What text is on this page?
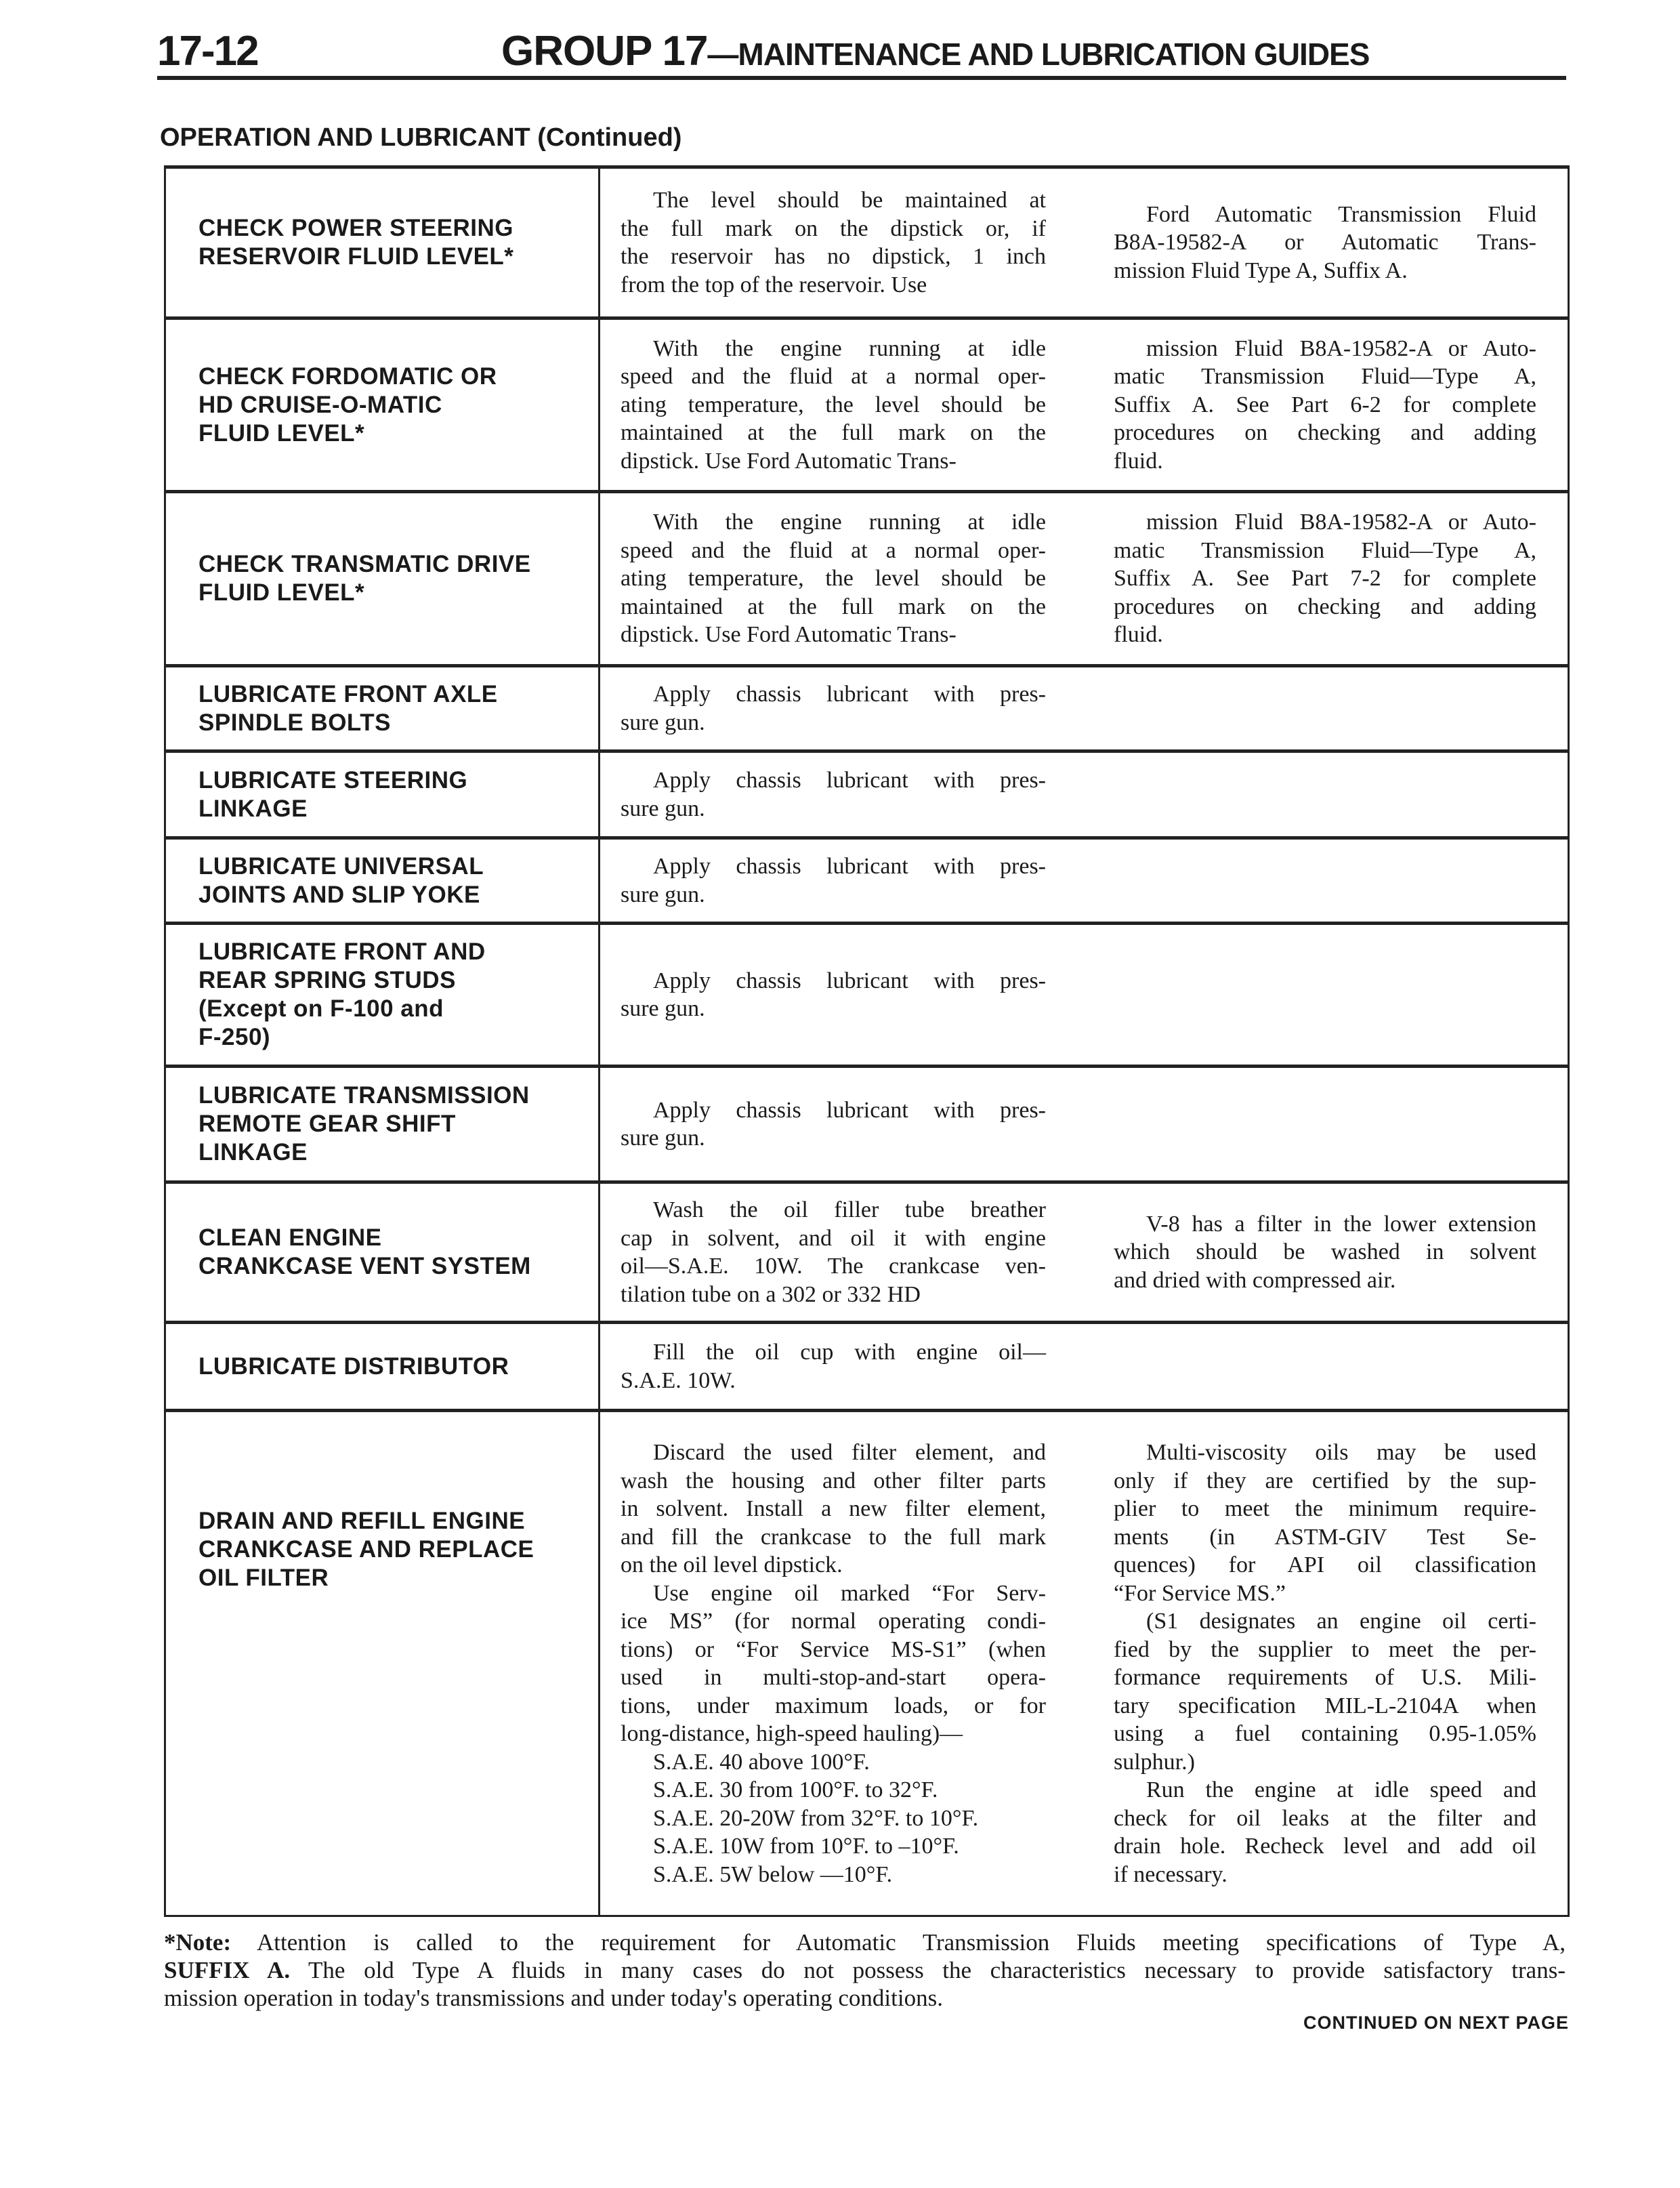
17-12	GROUP 17—MAINTENANCE AND LUBRICATION GUIDES
OPERATION AND LUBRICANT (Continued)
CHECK POWER STEERING
RESERVOIR FLUID LEVEL*
The level should be maintained at
the full mark on the dipstick or, if
the reservoir has no dipstick, 1 inch
from the top of the reservoir. Use
Ford Automatic Transmission Fluid
B8A-19582-A or Automatic Trans-
mission Fluid Type A, Suffix A.
CHECK FORDOMATIC OR
HD CRUISE-O-MATIC
FLUID LEVEL*
With the engine running at idle
speed and the fluid at a normal oper-
ating temperature, the level should be
maintained at the full mark on the
dipstick. Use Ford Automatic Trans-
mission Fluid B8A-19582-A or Auto-
matic Transmission Fluid—Type A,
Suffix A. See Part 6-2 for complete
procedures on checking and adding
fluid.
CHECK TRANSMATIC DRIVE
FLUID LEVEL*
With the engine running at idle
speed and the fluid at a normal oper-
ating temperature, the level should be
maintained at the full mark on the
dipstick. Use Ford Automatic Trans-
mission Fluid B8A-19582-A or Auto-
matic Transmission Fluid—Type A,
Suffix A. See Part 7-2 for complete
procedures on checking and adding
fluid.
LUBRICATE FRONT AXLE
SPINDLE BOLTS
Apply chassis lubricant with pres-
sure gun.
LUBRICATE STEERING
LINKAGE
Apply chassis lubricant with pres-
sure gun.
LUBRICATE UNIVERSAL
JOINTS AND SLIP YOKE
Apply chassis lubricant with pres-
sure gun.
LUBRICATE FRONT AND
REAR SPRING STUDS
(Except on F-100 and
F-250)
Apply chassis lubricant with pres-
sure gun.
LUBRICATE TRANSMISSION
REMOTE GEAR SHIFT
LINKAGE
Apply chassis lubricant with pres-
sure gun.
CLEAN ENGINE
CRANKCASE VENT SYSTEM
Wash the oil filler tube breather
cap in solvent, and oil it with engine
oil—S.A.E. 10W. The crankcase ven-
tilation tube on a 302 or 332 HD
V-8 has a filter in the lower extension
which should be washed in solvent
and dried with compressed air.
LUBRICATE DISTRIBUTOR
Fill the oil cup with engine oil—
S.A.E. 10W.
DRAIN AND REFILL ENGINE
CRANKCASE AND REPLACE
OIL FILTER
Discard the used filter element, and
wash the housing and other filter parts
in solvent. Install a new filter element,
and fill the crankcase to the full mark
on the oil level dipstick.
Use engine oil marked “For Serv-
ice MS” (for normal operating condi-
tions) or “For Service MS-S1” (when
used in multi-stop-and-start opera-
tions, under maximum loads, or for
long-distance, high-speed hauling)—
S.A.E. 40 above 100°F.
S.A.E. 30 from 100°F. to 32°F.
S.A.E. 20-20W from 32°F. to 10°F.
S.A.E. 10W from 10°F. to –10°F.
S.A.E. 5W below —10°F.
Multi-viscosity oils may be used
only if they are certified by the sup-
plier to meet the minimum require-
ments (in ASTM-GIV Test Se-
quences) for API oil classification
“For Service MS.”
(S1 designates an engine oil certi-
fied by the supplier to meet the per-
formance requirements of U.S. Mili-
tary specification MIL-L-2104A when
using a fuel containing 0.95-1.05%
sulphur.)
Run the engine at idle speed and
check for oil leaks at the filter and
drain hole. Recheck level and add oil
if necessary.
*Note: Attention is called to the requirement for Automatic Transmission Fluids meeting specifications of Type A,
SUFFIX A. The old Type A fluids in many cases do not possess the characteristics necessary to provide satisfactory trans-
mission operation in today's transmissions and under today's operating conditions.
CONTINUED ON NEXT PAGE
